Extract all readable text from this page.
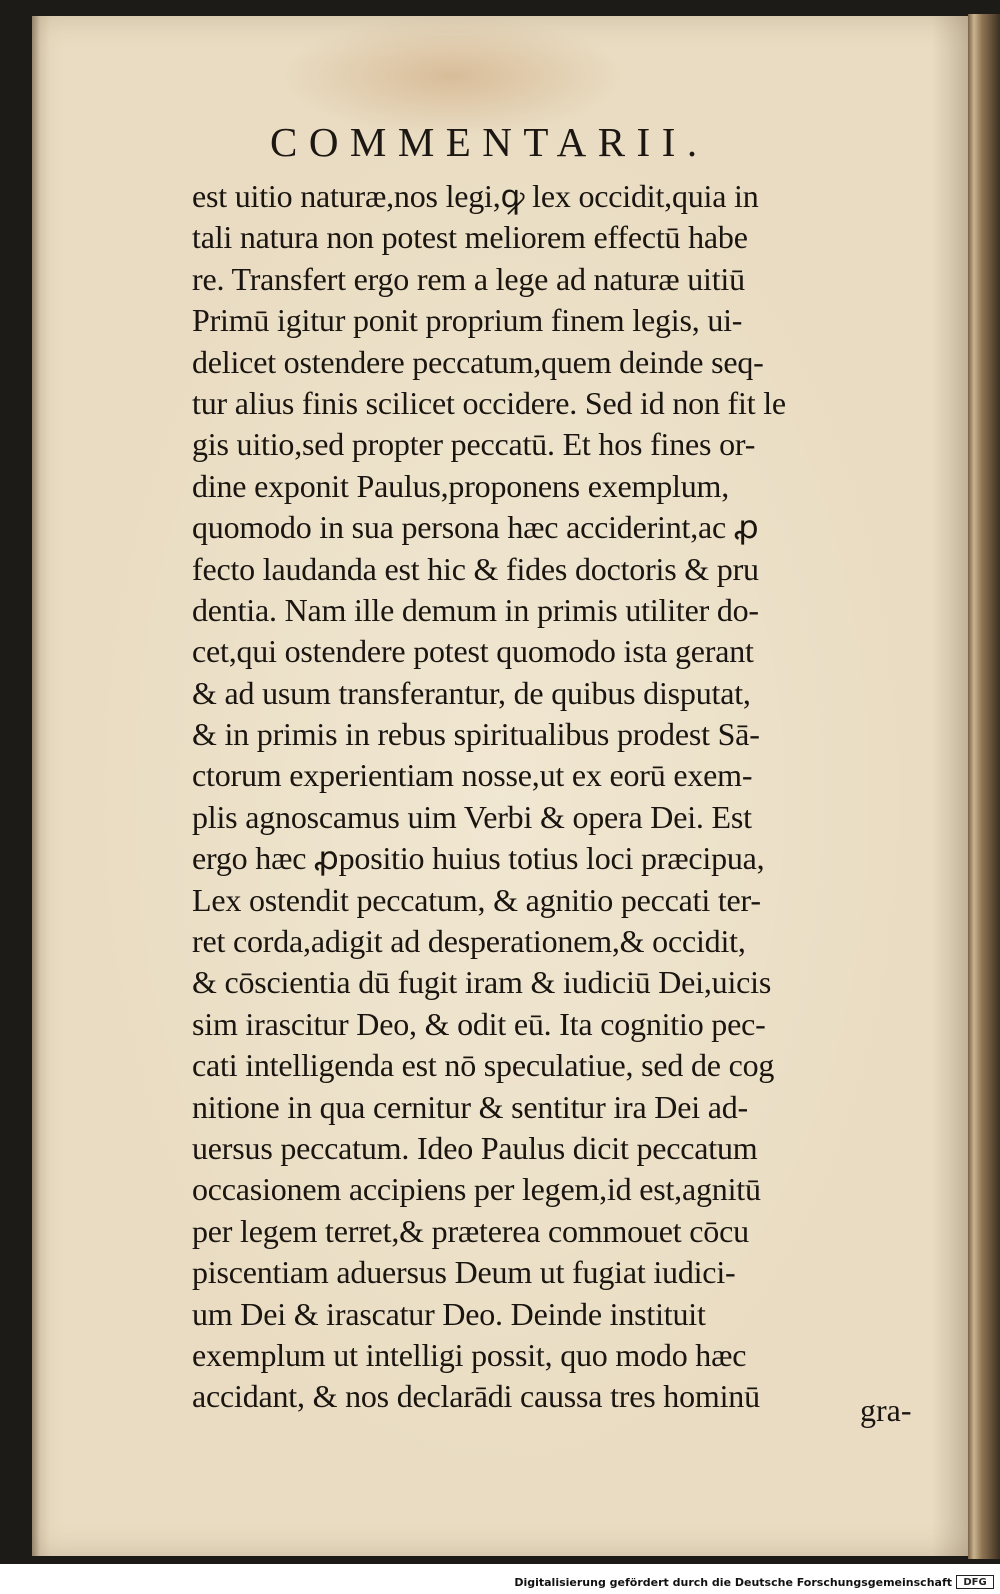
COMMENTARII.
est uitio naturæ,nos legi,ꝙ lex occidit,quia in
tali natura non potest meliorem effectū habe
re. Transfert ergo rem a lege ad naturæ uitiū
Primū igitur ponit proprium finem legis, ui-
delicet ostendere peccatum,quem deinde seq-
tur alius finis scilicet occidere. Sed id non fit le
gis uitio,sed propter peccatū. Et hos fines or-
dine exponit Paulus,proponens exemplum,
quomodo in sua persona hæc acciderint,ac ꝓ
fecto laudanda est hic & fides doctoris & pru
dentia. Nam ille demum in primis utiliter do-
cet,qui ostendere potest quomodo ista gerant
& ad usum transferantur, de quibus disputat,
& in primis in rebus spiritualibus prodest Sā-
ctorum experientiam nosse,ut ex eorū exem-
plis agnoscamus uim Verbi & opera Dei. Est
ergo hæc ꝓpositio huius totius loci præcipua,
Lex ostendit peccatum, & agnitio peccati ter-
ret corda,adigit ad desperationem,& occidit,
& cōscientia dū fugit iram & iudiciū Dei,uicis
sim irascitur Deo, & odit eū. Ita cognitio pec-
cati intelligenda est nō speculatiue, sed de cog
nitione in qua cernitur & sentitur ira Dei ad-
uersus peccatum. Ideo Paulus dicit peccatum
occasionem accipiens per legem,id est,agnitū
per legem terret,& præterea commouet cōcu
piscentiam aduersus Deum ut fugiat iudici-
um Dei & irascatur Deo. Deinde instituit
exemplum ut intelligi possit, quo modo hæc
accidant, & nos declarādi caussa tres hominū	gra-
Digitalisierung gefördert durch die Deutsche Forschungsgemeinschaft	DFG
